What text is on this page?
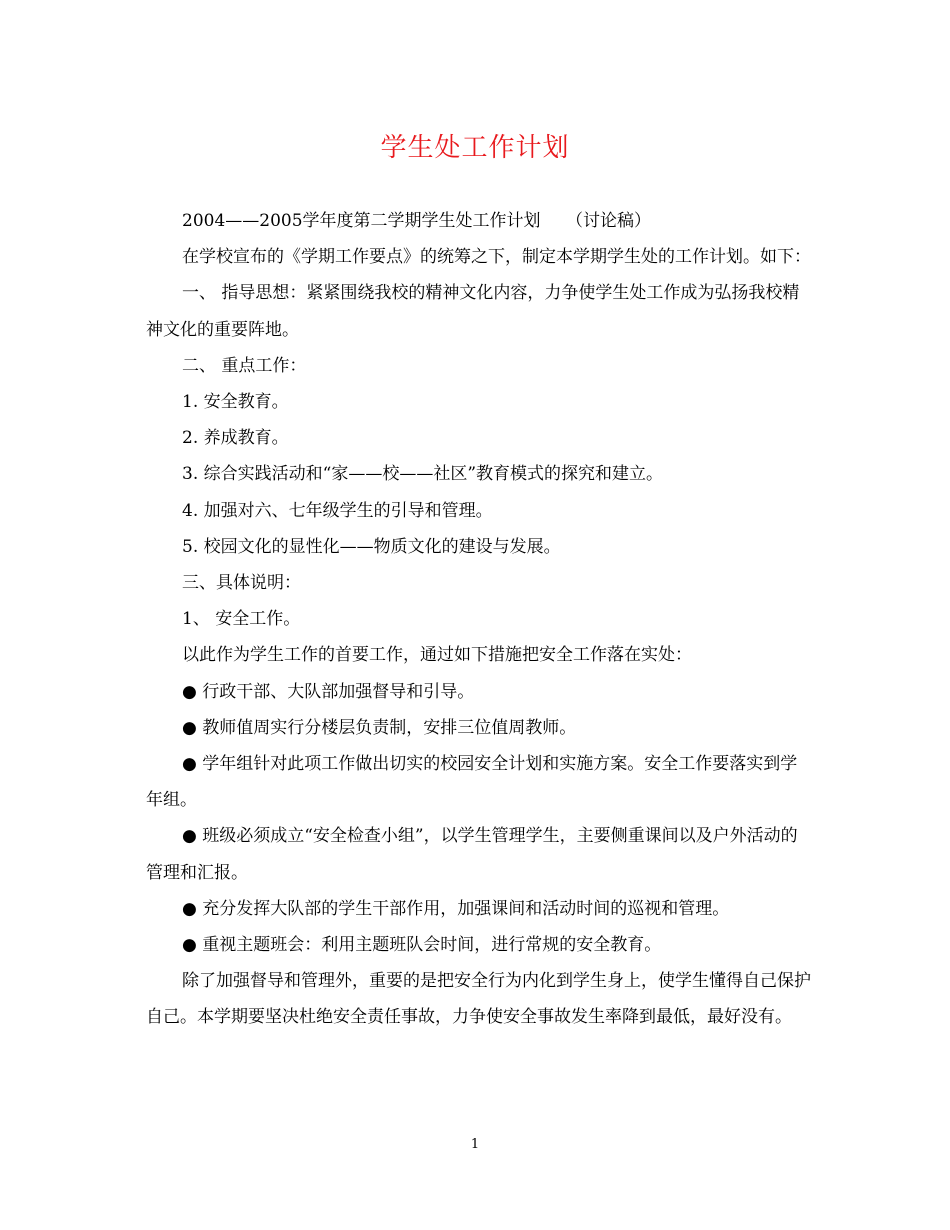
学生处工作计划

2004——2005学年度第二学期学生处工作计划　　（讨论稿）

在学校宣布的《学期工作要点》的统筹之下，制定本学期学生处的工作计划。如下：

一、 指导思想：紧紧围绕我校的精神文化内容，力争使学生处工作成为弘扬我校精神文化的重要阵地。

二、 重点工作：

1. 安全教育。

2. 养成教育。

3. 综合实践活动和“家——校——社区”教育模式的探究和建立。

4. 加强对六、七年级学生的引导和管理。

5. 校园文化的显性化——物质文化的建设与发展。

三、具体说明：

1、 安全工作。

以此作为学生工作的首要工作，通过如下措施把安全工作落在实处：

● 行政干部、大队部加强督导和引导。

● 教师值周实行分楼层负责制，安排三位值周教师。

● 学年组针对此项工作做出切实的校园安全计划和实施方案。安全工作要落实到学年组。

● 班级必须成立“安全检查小组”，以学生管理学生，主要侧重课间以及户外活动的管理和汇报。

● 充分发挥大队部的学生干部作用，加强课间和活动时间的巡视和管理。

● 重视主题班会：利用主题班队会时间，进行常规的安全教育。

除了加强督导和管理外，重要的是把安全行为内化到学生身上，使学生懂得自己保护自己。本学期要坚决杜绝安全责任事故，力争使安全事故发生率降到最低，最好没有。

1
